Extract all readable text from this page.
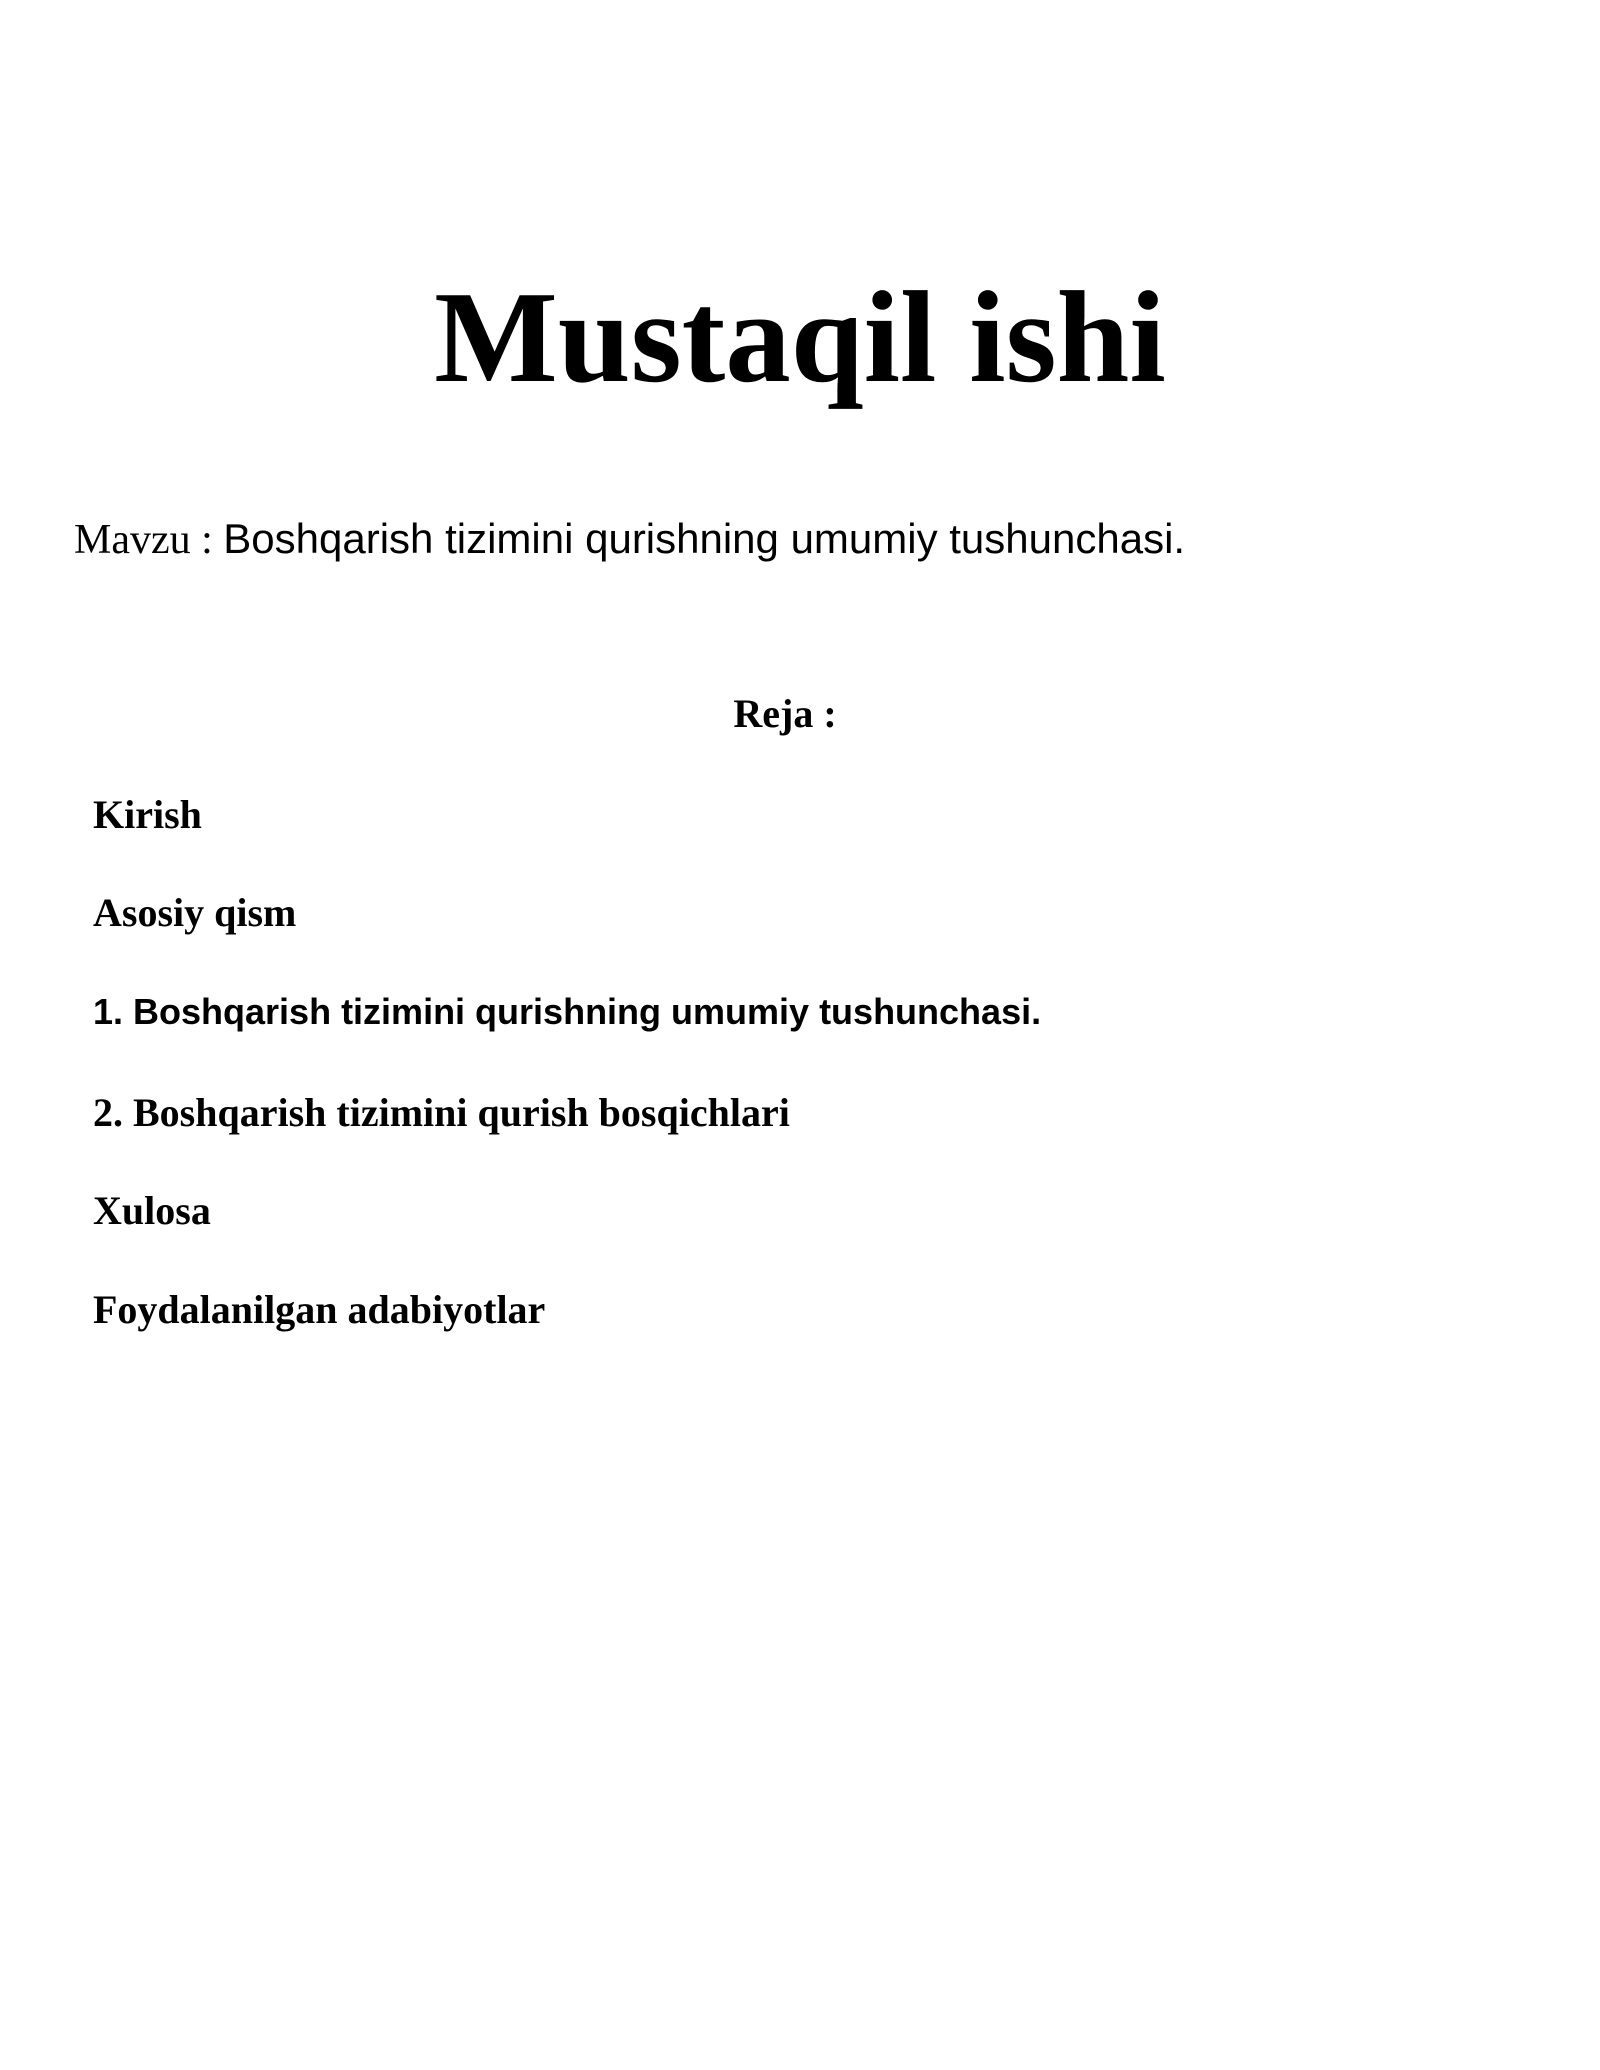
Mustaqil ishi
Mavzu : Boshqarish tizimini qurishning umumiy tushunchasi.
Reja :
Kirish
Asosiy qism
1. Boshqarish tizimini qurishning umumiy tushunchasi.
2. Boshqarish tizimini qurish bosqichlari
Xulosa
Foydalanilgan adabiyotlar
